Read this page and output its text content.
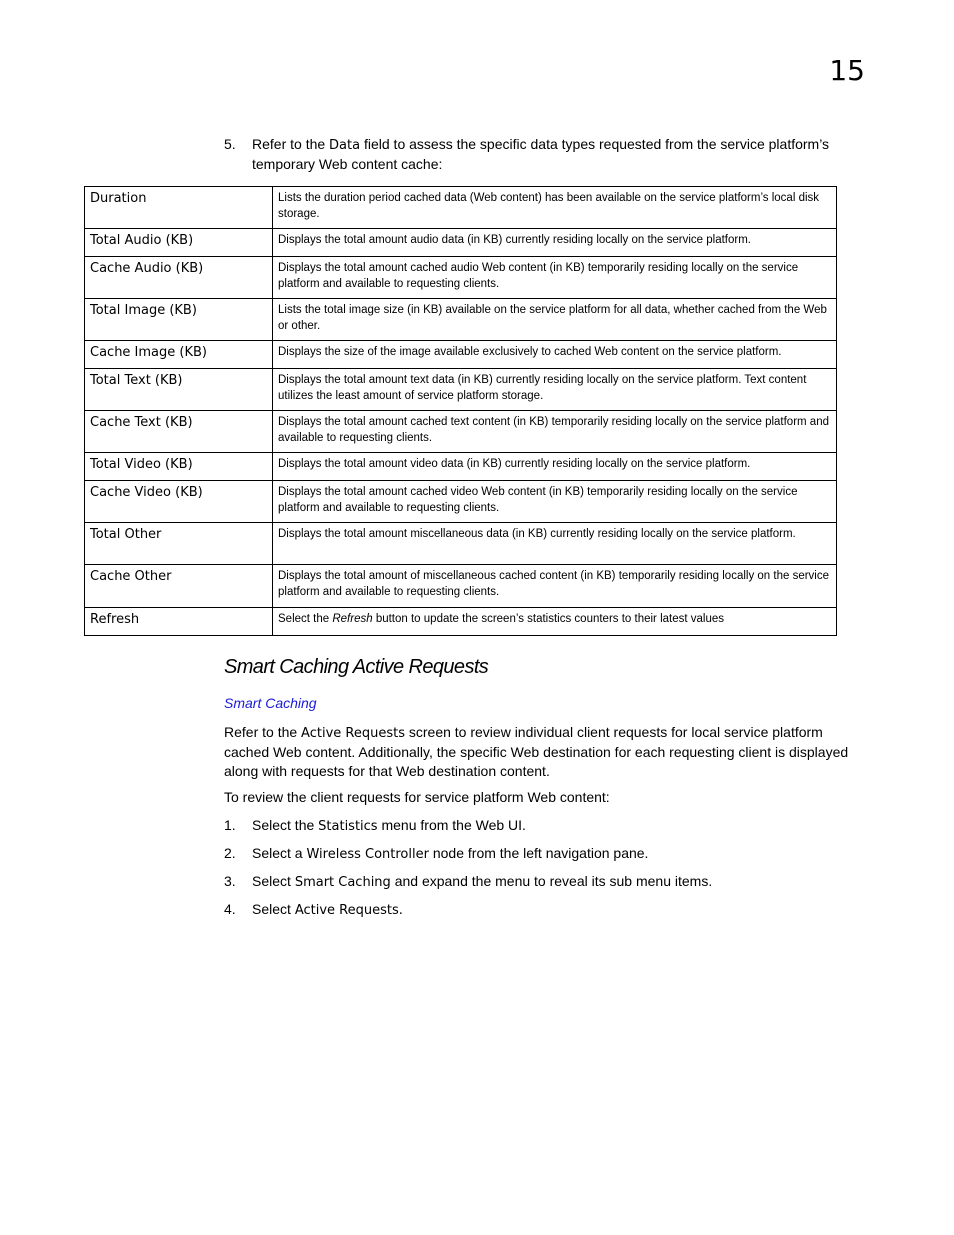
15
5. Refer to the Data field to assess the specific data types requested from the service platform’s temporary Web content cache:
Duration	Lists the duration period cached data (Web content) has been available on the service platform’s local disk storage.
Total Audio (KB)	Displays the total amount audio data (in KB) currently residing locally on the service platform.
Cache Audio (KB)	Displays the total amount cached audio Web content (in KB) temporarily residing locally on the service platform and available to requesting clients.
Total Image (KB)	Lists the total image size (in KB) available on the service platform for all data, whether cached from the Web or other.
Cache Image (KB)	Displays the size of the image available exclusively to cached Web content on the service platform.
Total Text (KB)	Displays the total amount text data (in KB) currently residing locally on the service platform. Text content utilizes the least amount of service platform storage.
Cache Text (KB)	Displays the total amount cached text content (in KB) temporarily residing locally on the service platform and available to requesting clients.
Total Video (KB)	Displays the total amount video data (in KB) currently residing locally on the service platform.
Cache Video (KB)	Displays the total amount cached video Web content (in KB) temporarily residing locally on the service platform and available to requesting clients.
Total Other	Displays the total amount miscellaneous data (in KB) currently residing locally on the service platform.
Cache Other	Displays the total amount of miscellaneous cached content (in KB) temporarily residing locally on the service platform and available to requesting clients.
Refresh	Select the Refresh button to update the screen’s statistics counters to their latest values
Smart Caching Active Requests
Smart Caching
Refer to the Active Requests screen to review individual client requests for local service platform cached Web content. Additionally, the specific Web destination for each requesting client is displayed along with requests for that Web destination content.
To review the client requests for service platform Web content:
1. Select the Statistics menu from the Web UI.
2. Select a Wireless Controller node from the left navigation pane.
3. Select Smart Caching and expand the menu to reveal its sub menu items.
4. Select Active Requests.
